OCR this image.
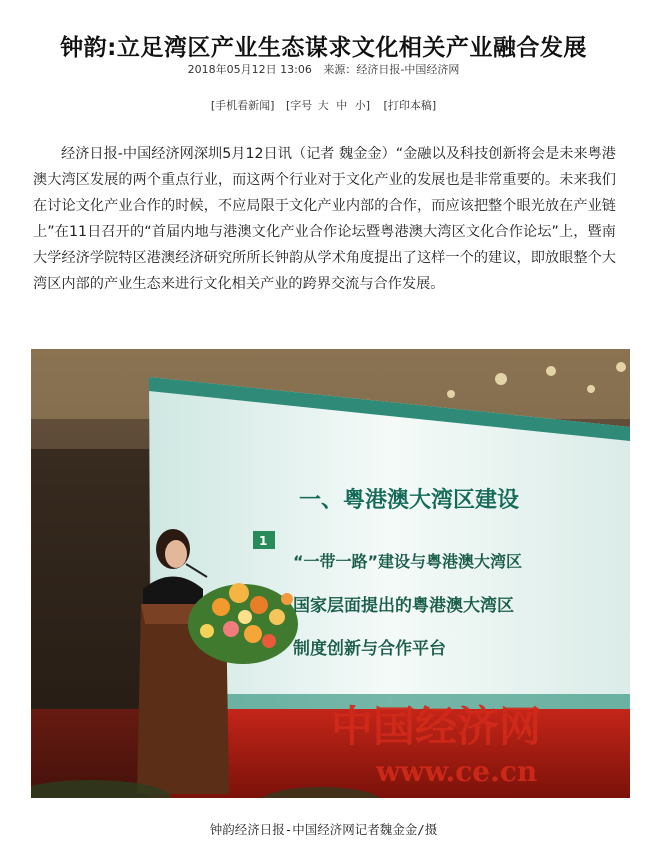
钟韵:立足湾区产业生态谋求文化相关产业融合发展
2018年05月12日 13:06 来源：经济日报-中国经济网
[手机看新闻] [字号 大 中 小] [打印本稿]

经济日报-中国经济网深圳5月12日讯（记者 魏金金）“金融以及科技创新将会是未来粤港澳大湾区发展的两个重点行业，而这两个行业对于文化产业的发展也是非常重要的。未来我们在讨论文化产业合作的时候，不应局限于文化产业内部的合作，而应该把整个眼光放在产业链上”在11日召开的“首届内地与港澳文化产业合作论坛暨粤港澳大湾区文化合作论坛”上，暨南大学经济学院特区港澳经济研究所所长钟韵从学术角度提出了这样一个的建议，即放眼整个大湾区内部的产业生态来进行文化相关产业的跨界交流与合作发展。

一、粤港澳大湾区建设
1
“一带一路”建设与粤港澳大湾区
国家层面提出的粤港澳大湾区
制度创新与合作平台
中国经济网
www.ce.cn
钟韵经济日报-中国经济网记者魏金金/摄
